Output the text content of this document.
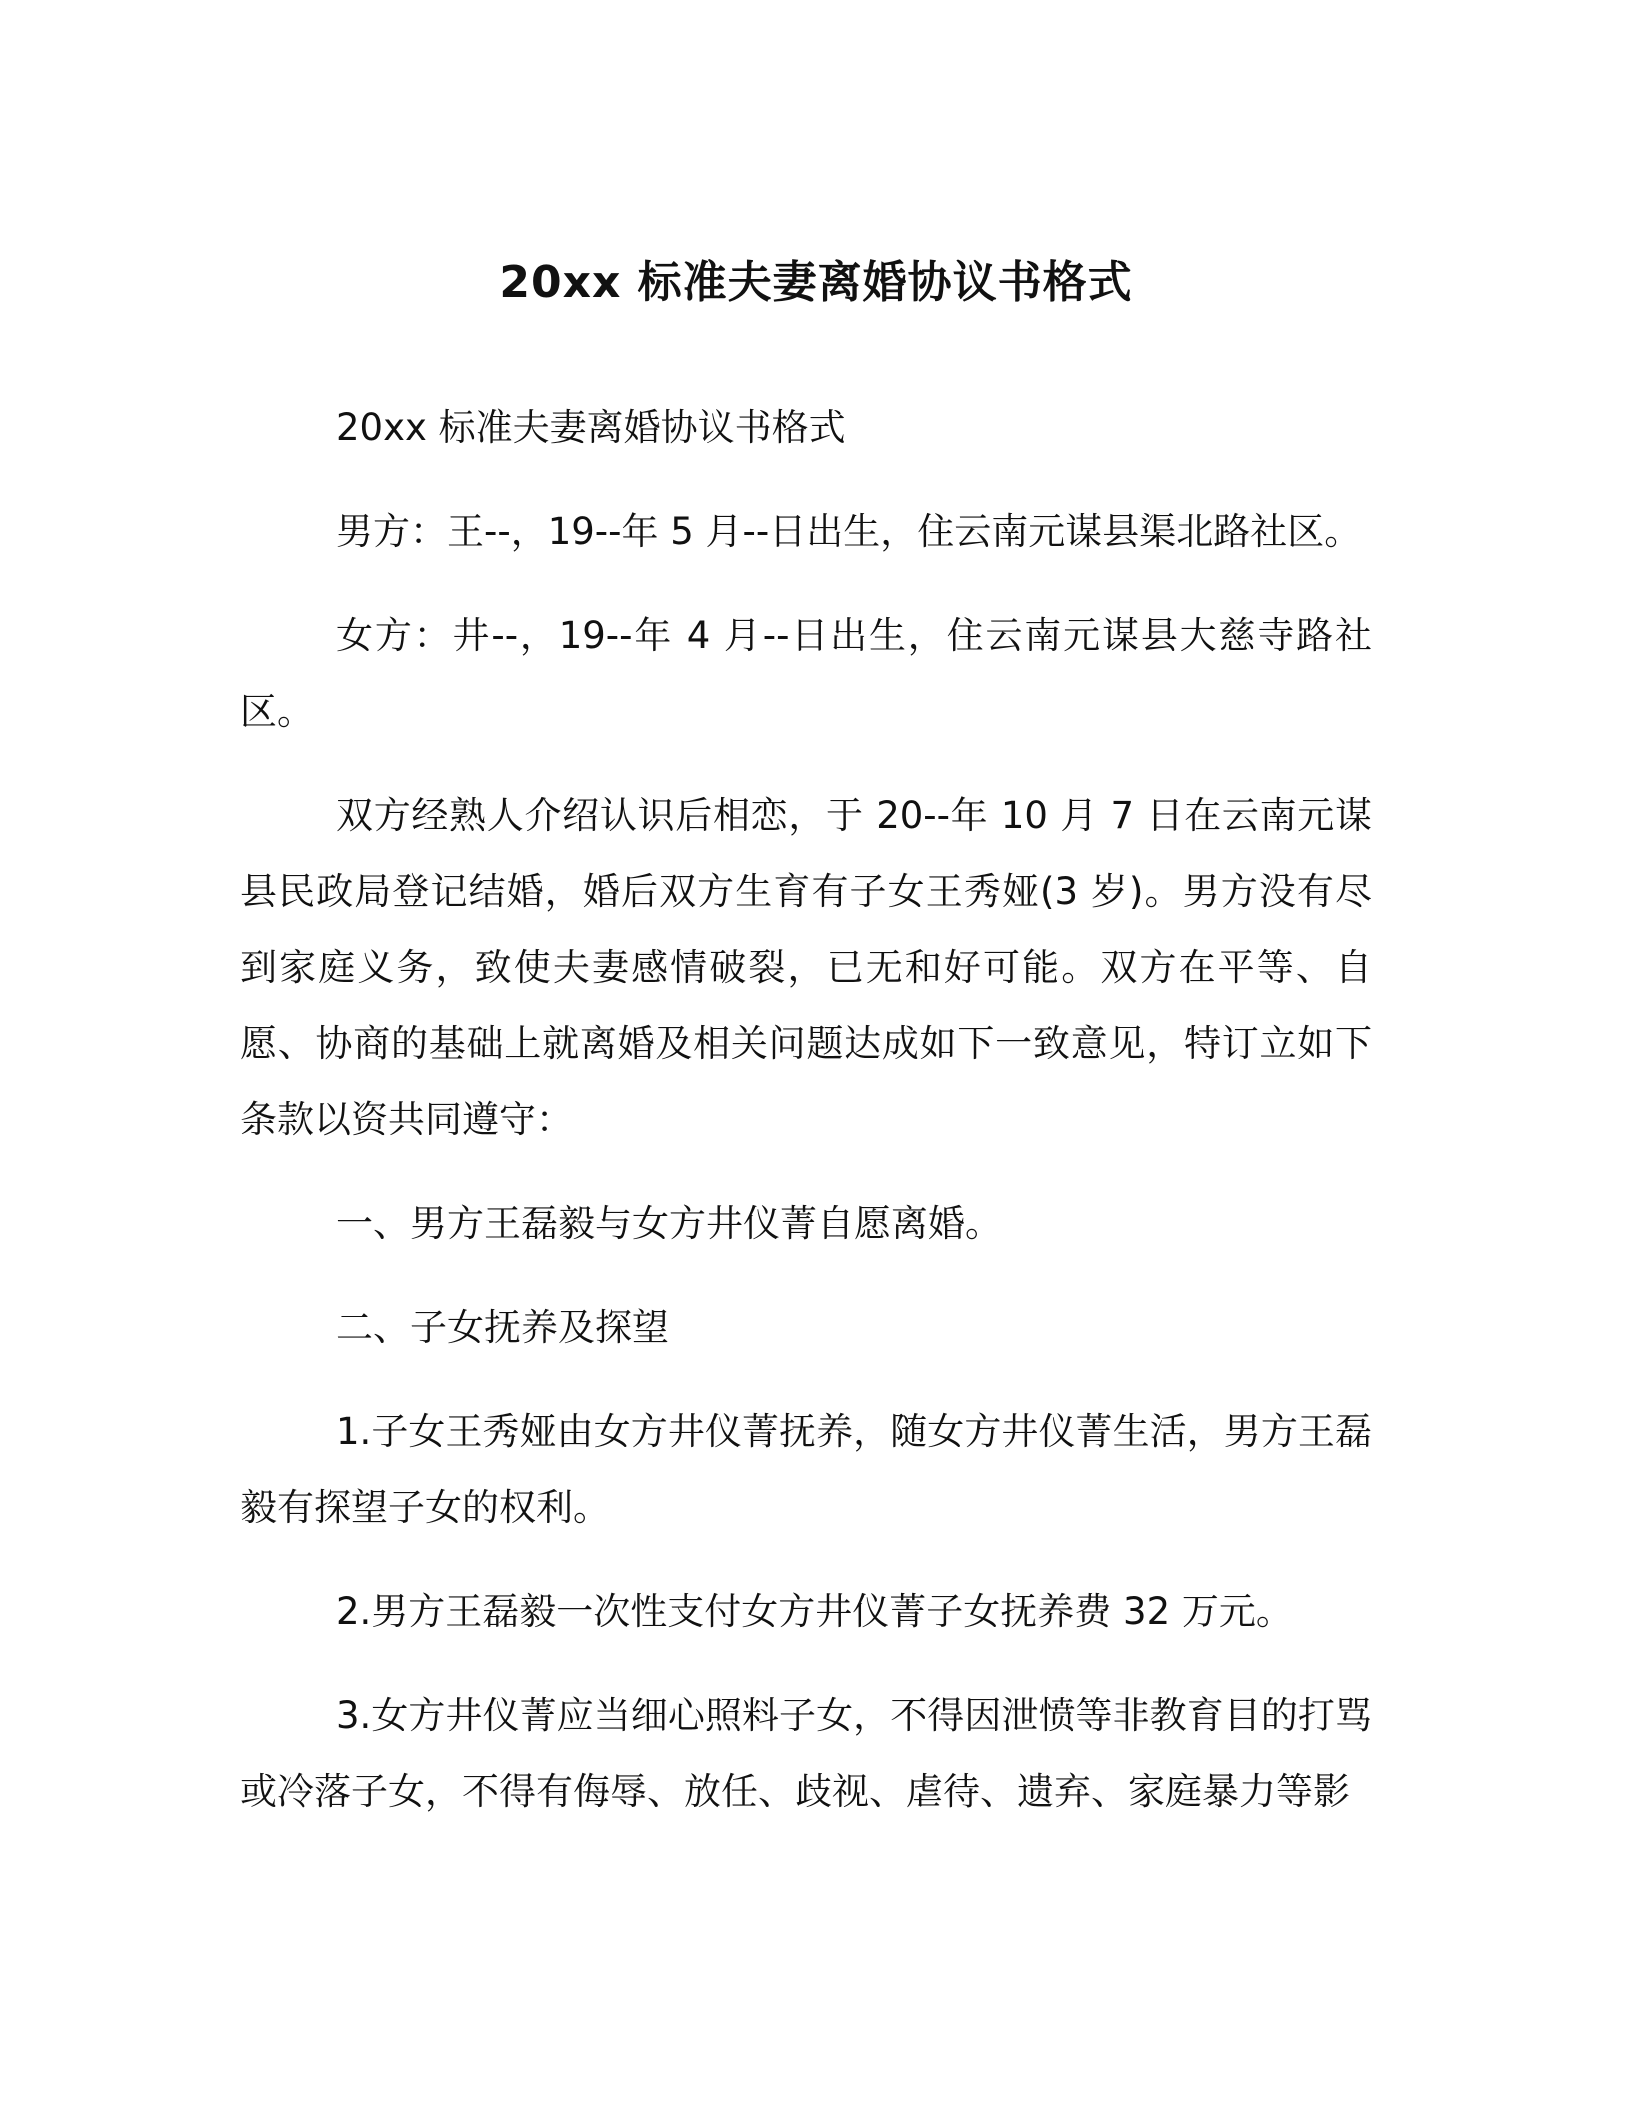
20xx 标准夫妻离婚协议书格式

20xx 标准夫妻离婚协议书格式

男方：王--，19--年 5 月--日出生，住云南元谋县渠北路社区。

女方：井--，19--年 4 月--日出生，住云南元谋县大慈寺路社区。

双方经熟人介绍认识后相恋，于 20--年 10 月 7 日在云南元谋县民政局登记结婚，婚后双方生育有子女王秀娅(3 岁)。男方没有尽到家庭义务，致使夫妻感情破裂，已无和好可能。双方在平等、自愿、协商的基础上就离婚及相关问题达成如下一致意见，特订立如下条款以资共同遵守：

一、男方王磊毅与女方井仪菁自愿离婚。

二、子女抚养及探望

1.子女王秀娅由女方井仪菁抚养，随女方井仪菁生活，男方王磊毅有探望子女的权利。

2.男方王磊毅一次性支付女方井仪菁子女抚养费 32 万元。

3.女方井仪菁应当细心照料子女，不得因泄愤等非教育目的打骂或冷落子女，不得有侮辱、放任、歧视、虐待、遗弃、家庭暴力等影
